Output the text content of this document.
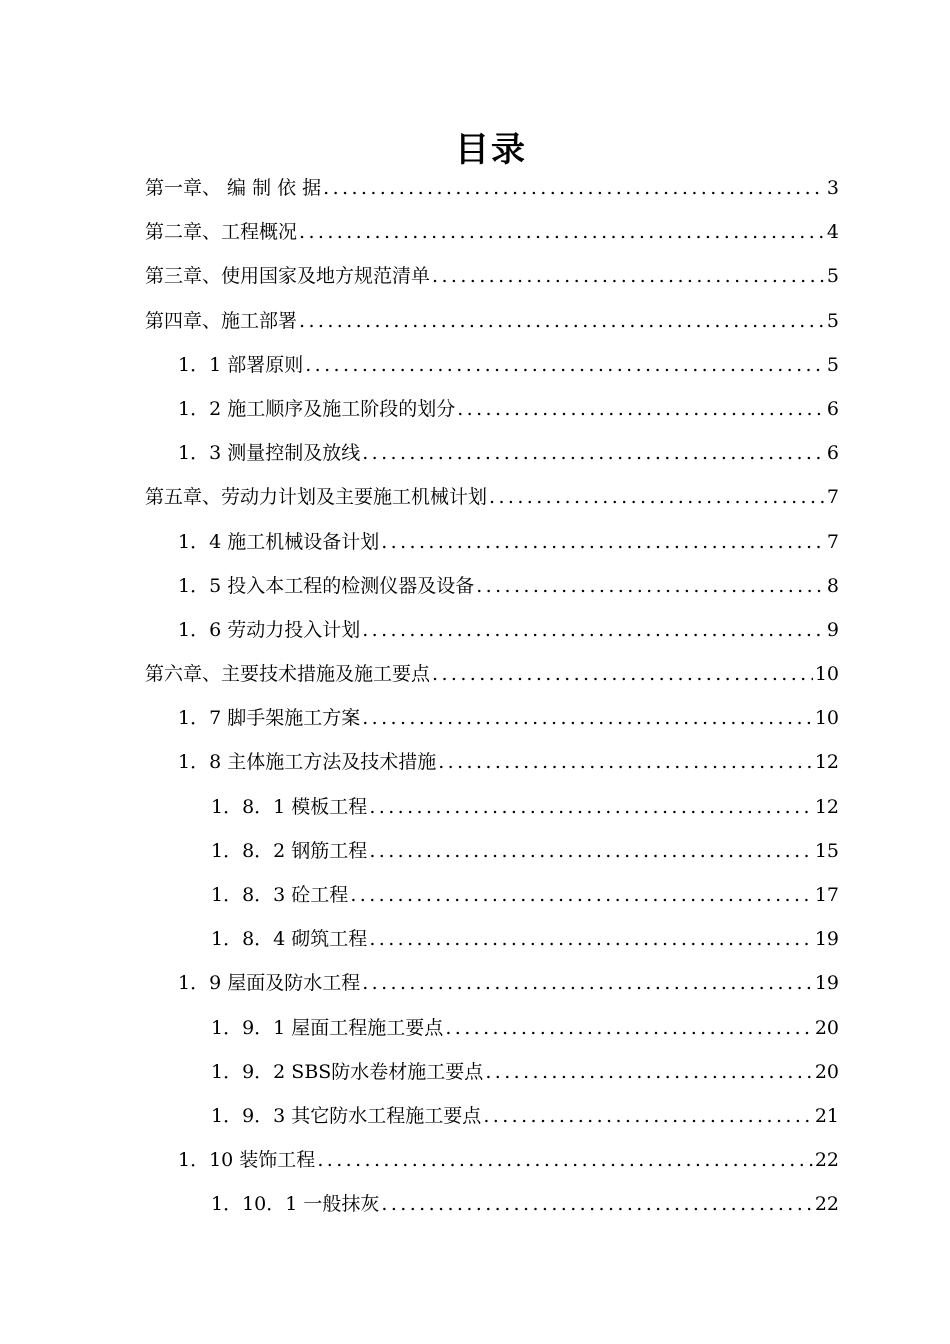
目录
第一章、 编 制 依 据 .....	3
第二章、工程概况 .....	4
第三章、使用国家及地方规范清单 .....	5
第四章、施工部署 .....	5
1．1 部署原则 .....	5
1．2 施工顺序及施工阶段的划分 .....	6
1．3 测量控制及放线 .....	6
第五章、劳动力计划及主要施工机械计划 .....	7
1．4 施工机械设备计划 .....	7
1．5 投入本工程的检测仪器及设备 .....	8
1．6 劳动力投入计划 .....	9
第六章、主要技术措施及施工要点 .....	10
1．7 脚手架施工方案 .....	10
1．8 主体施工方法及技术措施 .....	12
1．8．1 模板工程 .....	12
1．8．2 钢筋工程 .....	15
1．8．3 砼工程 .....	17
1．8．4 砌筑工程 .....	19
1．9 屋面及防水工程 .....	19
1．9．1 屋面工程施工要点 .....	20
1．9．2 SBS防水卷材施工要点 .....	20
1．9．3 其它防水工程施工要点 .....	21
1．10 装饰工程 .....	22
1．10．1 一般抹灰 .....	22
